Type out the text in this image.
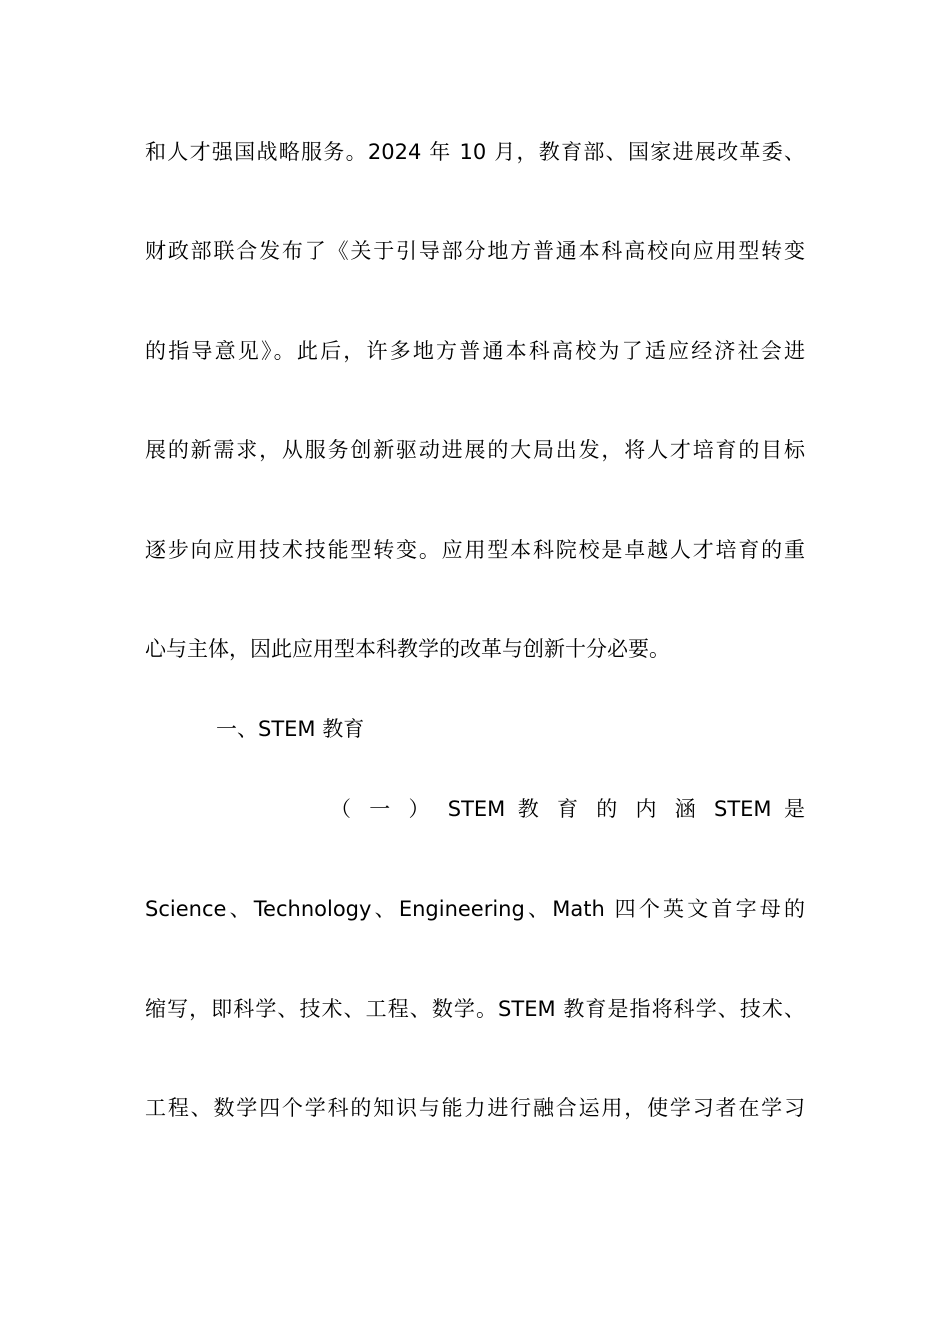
和人才强国战略服务。2024 年 10 月，教育部、国家进展改革委、
财政部联合发布了《关于引导部分地方普通本科高校向应用型转变
的指导意见》。此后，许多地方普通本科高校为了适应经济社会进
展的新需求，从服务创新驱动进展的大局出发，将人才培育的目标
逐步向应用技术技能型转变。应用型本科院校是卓越人才培育的重
心与主体，因此应用型本科教学的改革与创新十分必要。
一、STEM 教育
（ 一 ） STEM 教 育 的 内 涵 STEM 是
Science、Technology、Engineering、Math 四个英文首字母的
缩写，即科学、技术、工程、数学。STEM 教育是指将科学、技术、
工程、数学四个学科的知识与能力进行融合运用，使学习者在学习
